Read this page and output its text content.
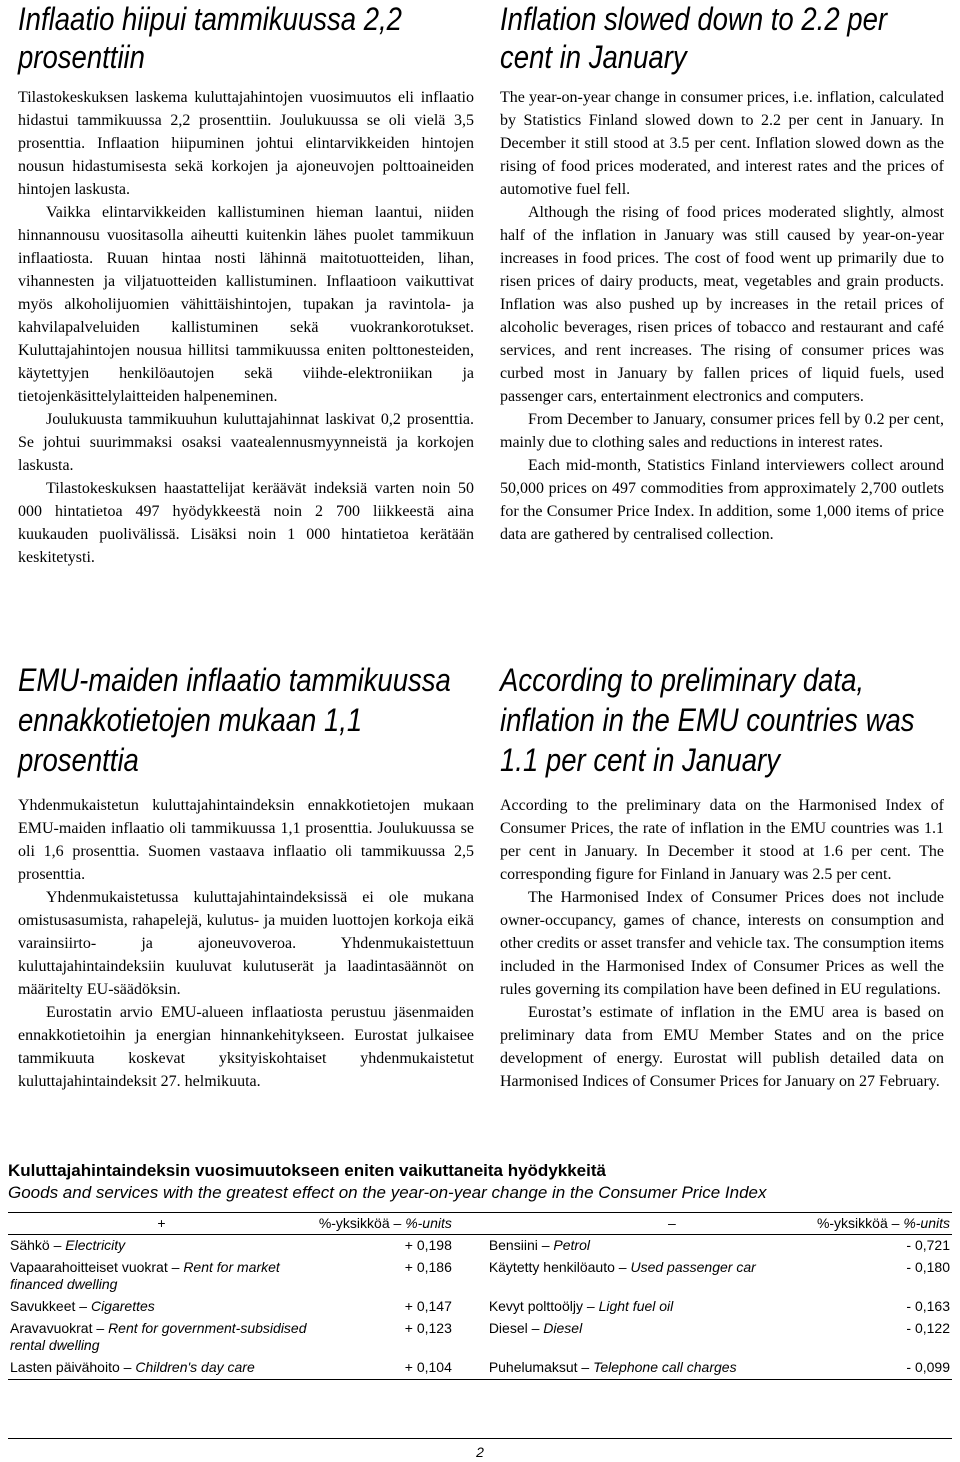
Inflaatio hiipui tammikuussa 2,2 prosenttiin

Tilastokeskuksen laskema kuluttajahintojen vuosimuutos eli inflaatio hidastui tammikuussa 2,2 prosenttiin. Joulukuussa se oli vielä 3,5 prosenttia. Inflaation hiipuminen johtui elintarvikkeiden hintojen nousun hidastumisesta sekä korkojen ja ajoneuvojen polttoaineiden hintojen laskusta.

Vaikka elintarvikkeiden kallistuminen hieman laantui, niiden hinnannousu vuositasolla aiheutti kuitenkin lähes puolet tammikuun inflaatiosta. Ruuan hintaa nosti lähinnä maitotuotteiden, lihan, vihannesten ja viljatuotteiden kallistuminen. Inflaatioon vaikuttivat myös alkoholijuomien vähittäishintojen, tupakan ja ravintola- ja kahvilapalveluiden kallistuminen sekä vuokrankorotukset. Kuluttajahintojen nousua hillitsi tammikuussa eniten polttonesteiden, käytettyjen henkilöautojen sekä viihde-elektroniikan ja tietojenkäsittelylaitteiden halpeneminen.

Joulukuusta tammikuuhun kuluttajahinnat laskivat 0,2 prosenttia. Se johtui suurimmaksi osaksi vaatealennusmyynneistä ja korkojen laskusta.

Tilastokeskuksen haastattelijat keräävät indeksiä varten noin 50 000 hintatietoa 497 hyödykkeestä noin 2 700 liikkeestä aina kuukauden puolivälissä. Lisäksi noin 1 000 hintatietoa kerätään keskitetysti.

EMU-maiden inflaatio tammikuussa ennakkotietojen mukaan 1,1 prosenttia

Yhdenmukaistetun kuluttajahintaindeksin ennakkotietojen mukaan EMU-maiden inflaatio oli tammikuussa 1,1 prosenttia. Joulukuussa se oli 1,6 prosenttia. Suomen vastaava inflaatio oli tammikuussa 2,5 prosenttia.

Yhdenmukaistetussa kuluttajahintaindeksissä ei ole mukana omistusasumista, rahapelejä, kulutus- ja muiden luottojen korkoja eikä varainsiirto- ja ajoneuvoveroa. Yhdenmukaistettuun kuluttajahintaindeksiin kuuluvat kulutuserät ja laadintasäännöt on määritelty EU-säädöksin.

Eurostatin arvio EMU-alueen inflaatiosta perustuu jäsenmaiden ennakkotietoihin ja energian hinnankehitykseen. Eurostat julkaisee tammikuuta koskevat yksityiskohtaiset yhdenmukaistetut kuluttajahintaindeksit 27. helmikuuta.

Inflation slowed down to 2.2 per cent in January

The year-on-year change in consumer prices, i.e. inflation, calculated by Statistics Finland slowed down to 2.2 per cent in January. In December it still stood at 3.5 per cent. Inflation slowed down as the rising of food prices moderated, and interest rates and the prices of automotive fuel fell.

Although the rising of food prices moderated slightly, almost half of the inflation in January was still caused by year-on-year increases in food prices. The cost of food went up primarily due to risen prices of dairy products, meat, vegetables and grain products. Inflation was also pushed up by increases in the retail prices of alcoholic beverages, risen prices of tobacco and restaurant and café services, and rent increases. The rising of consumer prices was curbed most in January by fallen prices of liquid fuels, used passenger cars, entertainment electronics and computers.

From December to January, consumer prices fell by 0.2 per cent, mainly due to clothing sales and reductions in interest rates.

Each mid-month, Statistics Finland interviewers collect around 50,000 prices on 497 commodities from approximately 2,700 outlets for the Consumer Price Index. In addition, some 1,000 items of price data are gathered by centralised collection.

According to preliminary data, inflation in the EMU countries was 1.1 per cent in January

According to the preliminary data on the Harmonised Index of Consumer Prices, the rate of inflation in the EMU countries was 1.1 per cent in January. In December it stood at 1.6 per cent. The corresponding figure for Finland in January was 2.5 per cent.

The Harmonised Index of Consumer Prices does not include owner-occupancy, games of chance, interests on consumption and other credits or asset transfer and vehicle tax. The consumption items included in the Harmonised Index of Consumer Prices as well the rules governing its compilation have been defined in EU regulations.

Eurostat’s estimate of inflation in the EMU area is based on preliminary data from EMU Member States and on the price development of energy. Eurostat will publish detailed data on Harmonised Indices of Consumer Prices for January on 27 February.

Kuluttajahintaindeksin vuosimuutokseen eniten vaikuttaneita hyödykkeitä
Goods and services with the greatest effect on the year-on-year change in the Consumer Price Index
+	%-yksikköä – %-units		–	%-yksikköä – %-units
Sähkö – Electricity	+ 0,198		Bensiini – Petrol	- 0,721
Vapaarahoitteiset vuokrat – Rent for market financed dwelling	+ 0,186		Käytetty henkilöauto – Used passenger car	- 0,180
Savukkeet – Cigarettes	+ 0,147		Kevyt polttoöljy – Light fuel oil	- 0,163
Aravavuokrat – Rent for government-subsidised rental dwelling	+ 0,123		Diesel – Diesel	- 0,122
Lasten päivähoito – Children's day care	+ 0,104		Puhelumaksut – Telephone call charges	- 0,099
2
